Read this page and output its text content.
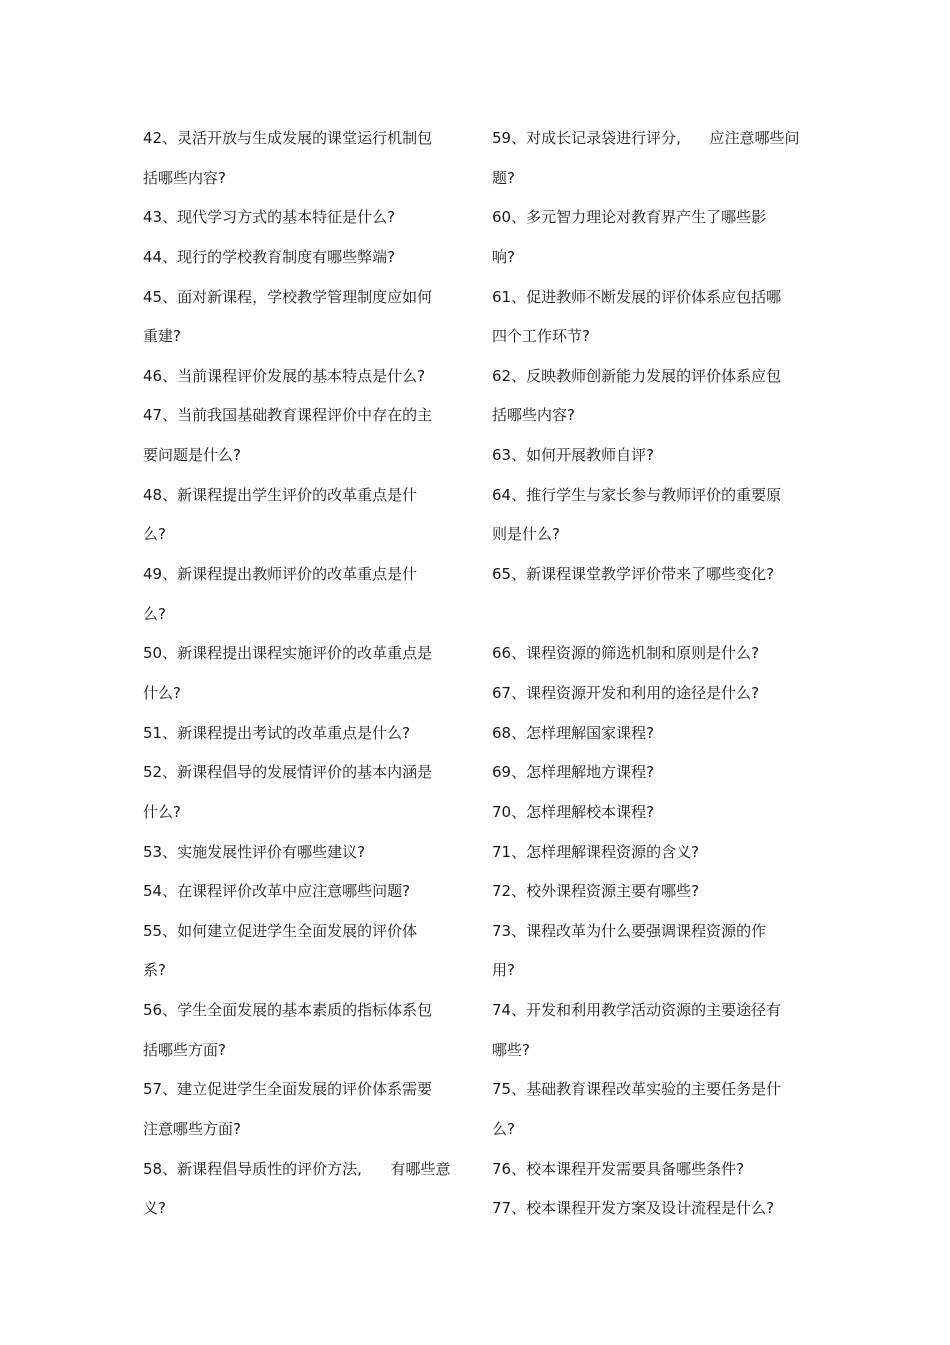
42、灵活开放与生成发展的课堂运行机制包
括哪些内容?
43、现代学习方式的基本特征是什么?
44、现行的学校教育制度有哪些弊端?
45、面对新课程，学校教学管理制度应如何
重建?
46、当前课程评价发展的基本特点是什么?
47、当前我国基础教育课程评价中存在的主
要问题是什么?
48、新课程提出学生评价的改革重点是什
么?
49、新课程提出教师评价的改革重点是什
么?
50、新课程提出课程实施评价的改革重点是
什么?
51、新课程提出考试的改革重点是什么?
52、新课程倡导的发展情评价的基本内涵是
什么?
53、实施发展性评价有哪些建议?
54、在课程评价改革中应注意哪些问题?
55、如何建立促进学生全面发展的评价体
系?
56、学生全面发展的基本素质的指标体系包
括哪些方面?
57、建立促进学生全面发展的评价体系需要
注意哪些方面?
58、新课程倡导质性的评价方法,      有哪些意
义?
59、对成长记录袋进行评分,      应注意哪些问
题?
60、多元智力理论对教育界产生了哪些影
响?
61、促进教师不断发展的评价体系应包括哪
四个工作环节?
62、反映教师创新能力发展的评价体系应包
括哪些内容?
63、如何开展教师自评?
64、推行学生与家长参与教师评价的重要原
则是什么?
65、新课程课堂教学评价带来了哪些变化?
66、课程资源的筛选机制和原则是什么?
67、课程资源开发和利用的途径是什么?
68、怎样理解国家课程?
69、怎样理解地方课程?
70、怎样理解校本课程?
71、怎样理解课程资源的含义?
72、校外课程资源主要有哪些?
73、课程改革为什么要强调课程资源的作
用?
74、开发和利用教学活动资源的主要途径有
哪些?
75、基础教育课程改革实验的主要任务是什
么?
76、校本课程开发需要具备哪些条件?
77、校本课程开发方案及设计流程是什么?
